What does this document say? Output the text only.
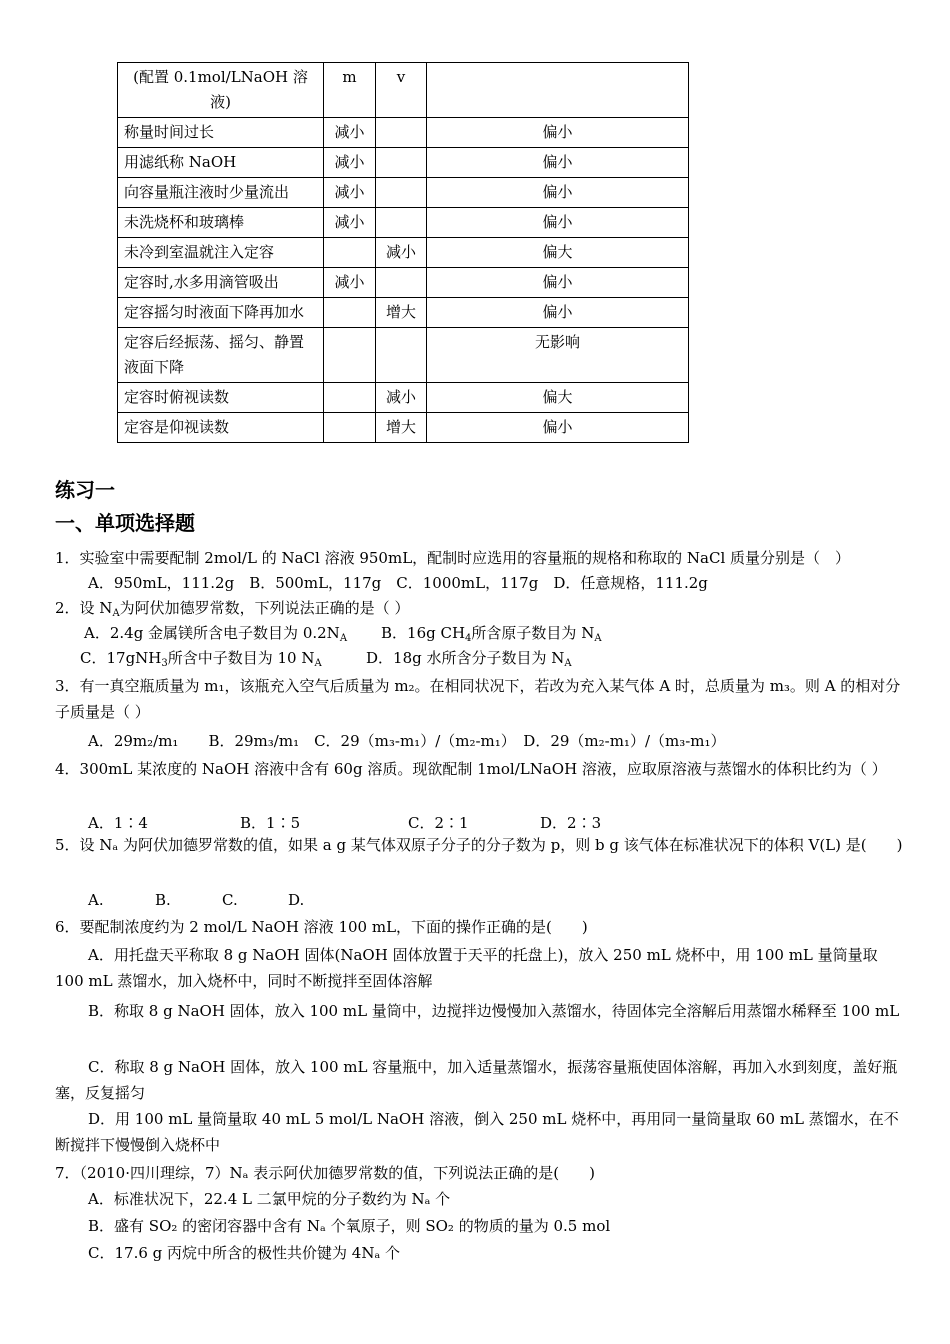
(配置 0.1mol/LNaOH 溶液)	m	v	
称量时间过长	减小		偏小
用滤纸称 NaOH	减小		偏小
向容量瓶注液时少量流出	减小		偏小
未洗烧杯和玻璃棒	减小		偏小
未冷到室温就注入定容		减小	偏大
定容时,水多用滴管吸出	减小		偏小
定容摇匀时液面下降再加水		增大	偏小
定容后经振荡、摇匀、静置液面下降			无影响
定容时俯视读数		减小	偏大
定容是仰视读数		增大	偏小
练习一
一、单项选择题
1．实验室中需要配制 2mol/L 的 NaCl 溶液 950mL，配制时应选用的容量瓶的规格和称取的 NaCl 质量分别是（　）
A．950mL，111.2g　B．500mL，117g　C．1000mL，117g　D．任意规格，111.2g
2．设 $N_A$为阿伏加德罗常数，下列说法正确的是（ ）
A．2.4g 金属镁所含电子数目为 $0.2N_A$ B．16g $CH_4$所含原子数目为 $N_A$
C．17gNH$_3$所含中子数目为 10 $N_A$	D．18g 水所含分子数目为 $N_A$
3．有一真空瓶质量为 m₁，该瓶充入空气后质量为 m₂。在相同状况下，若改为充入某气体 A 时，总质量为 m₃。则 A 的相对分子质量是（ ）
A．29m₂/m₁　　B．29m₃/m₁　C．29（m₃-m₁）/（m₂-m₁）　D．29（m₂-m₁）/（m₃-m₁）
4．300mL 某浓度的 NaOH 溶液中含有 60g 溶质。现欲配制 1mol/LNaOH 溶液，应取原溶液与蒸馏水的体积比约为（ ）
A．1∶4	B．1∶5	C．2∶1	D．2∶3
5．设 Nₐ 为阿伏加德罗常数的值，如果 a g 某气体双原子分子的分子数为 p，则 b g 该气体在标准状况下的体积 V(L) 是(　　)
A.	B.	C.	D.
6．要配制浓度约为 2 mol/L NaOH 溶液 100 mL，下面的操作正确的是(　　)
A．用托盘天平称取 8 g NaOH 固体(NaOH 固体放置于天平的托盘上)，放入 250 mL 烧杯中，用 100 mL 量筒量取 100 mL 蒸馏水，加入烧杯中，同时不断搅拌至固体溶解
B．称取 8 g NaOH 固体，放入 100 mL 量筒中，边搅拌边慢慢加入蒸馏水，待固体完全溶解后用蒸馏水稀释至 100 mL
C．称取 8 g NaOH 固体，放入 100 mL 容量瓶中，加入适量蒸馏水，振荡容量瓶使固体溶解，再加入水到刻度，盖好瓶塞，反复摇匀
D．用 100 mL 量筒量取 40 mL 5 mol/L NaOH 溶液，倒入 250 mL 烧杯中，再用同一量筒量取 60 mL 蒸馏水，在不断搅拌下慢慢倒入烧杯中
7．（2010·四川理综，7）Nₐ 表示阿伏加德罗常数的值，下列说法正确的是(　　)
A．标准状况下，22.4 L 二氯甲烷的分子数约为 Nₐ 个
B．盛有 SO₂ 的密闭容器中含有 Nₐ 个氧原子，则 SO₂ 的物质的量为 0.5 mol
C．17.6 g 丙烷中所含的极性共价键为 4Nₐ 个
